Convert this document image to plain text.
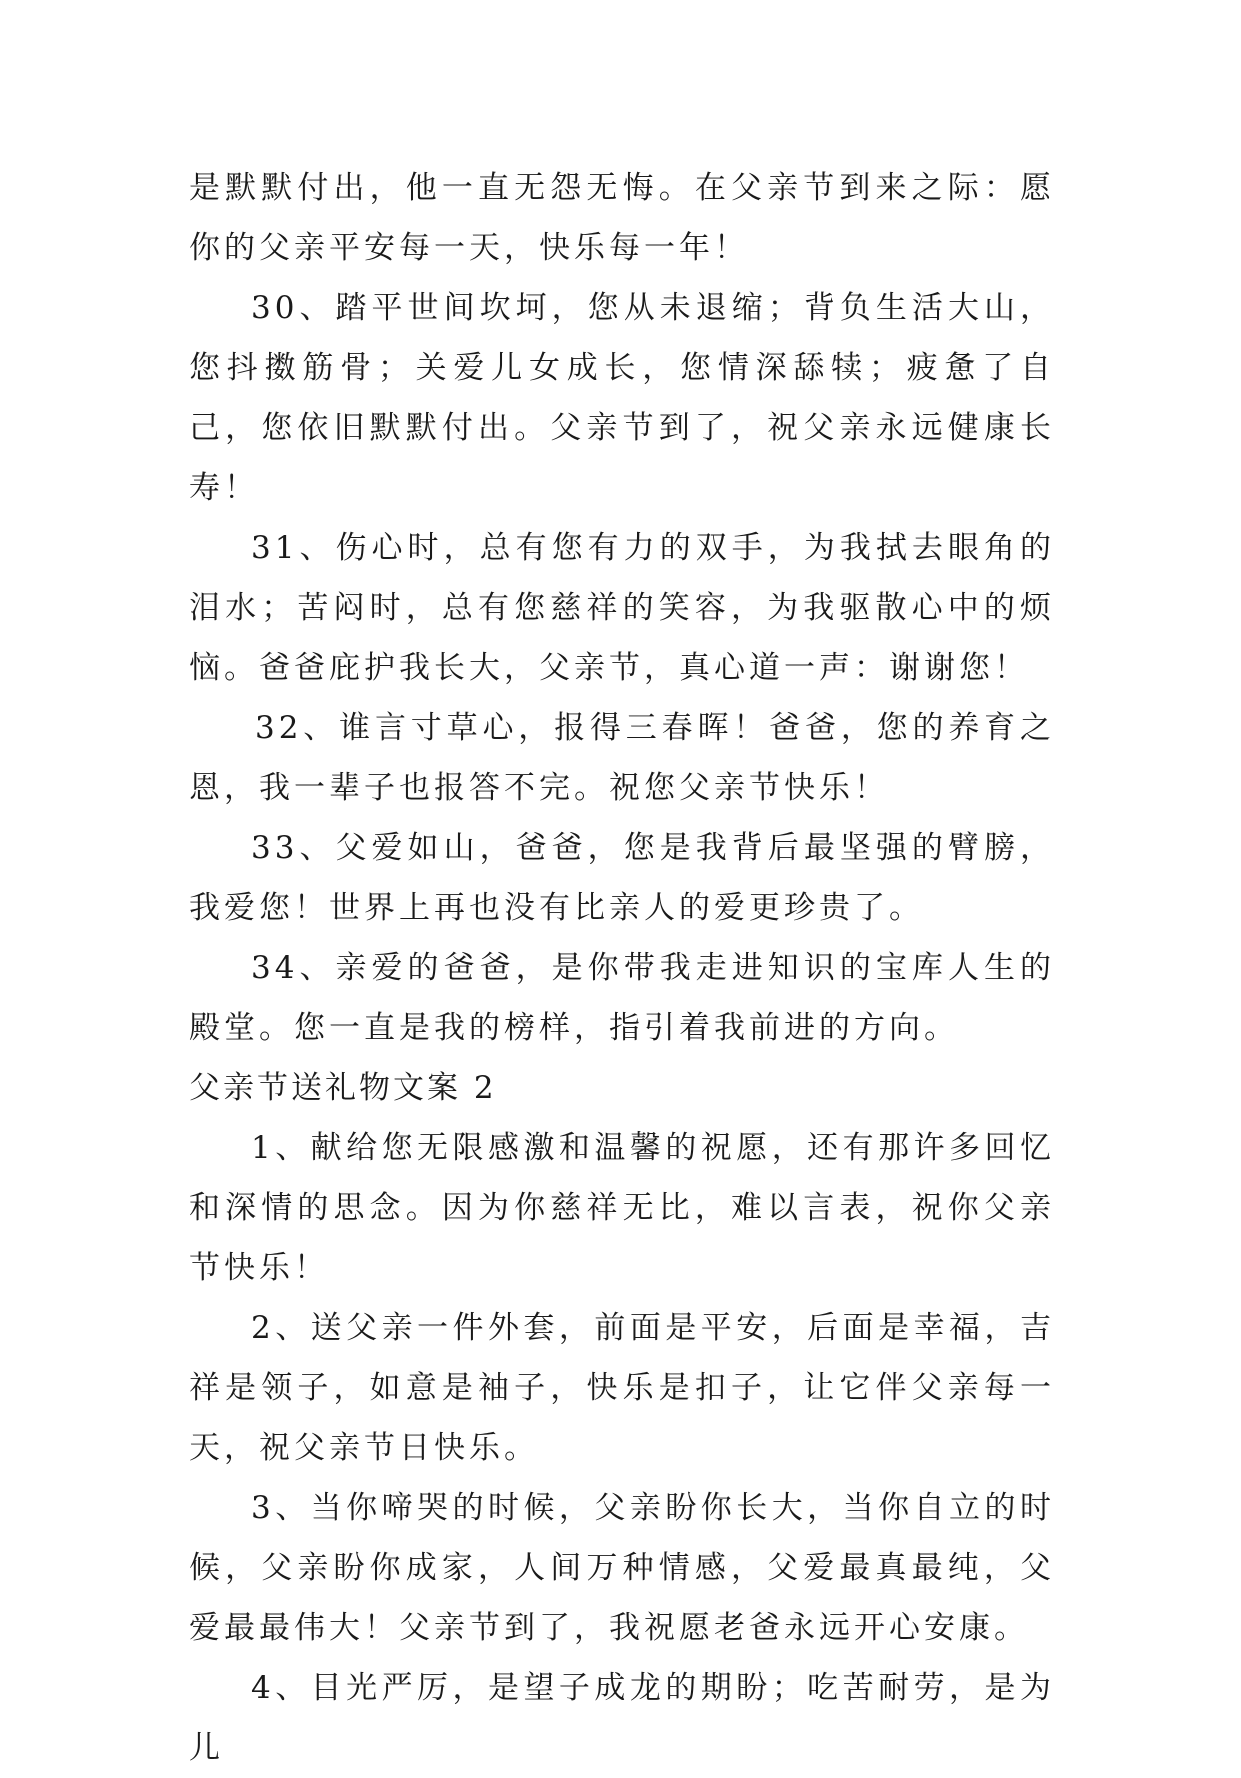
是默默付出，他一直无怨无悔。在父亲节到来之际：愿你的父亲平安每一天，快乐每一年！

30、踏平世间坎坷，您从未退缩；背负生活大山，您抖擞筋骨；关爱儿女成长，您情深舔犊；疲惫了自己，您依旧默默付出。父亲节到了，祝父亲永远健康长寿！

31、伤心时，总有您有力的双手，为我拭去眼角的泪水；苦闷时，总有您慈祥的笑容，为我驱散心中的烦恼。爸爸庇护我长大，父亲节，真心道一声：谢谢您！

32、谁言寸草心，报得三春晖！爸爸，您的养育之恩，我一辈子也报答不完。祝您父亲节快乐！

33、父爱如山，爸爸，您是我背后最坚强的臂膀，我爱您！世界上再也没有比亲人的爱更珍贵了。

34、亲爱的爸爸，是你带我走进知识的宝库人生的殿堂。您一直是我的榜样，指引着我前进的方向。

父亲节送礼物文案 2

1、献给您无限感激和温馨的祝愿，还有那许多回忆和深情的思念。因为你慈祥无比，难以言表，祝你父亲节快乐！

2、送父亲一件外套，前面是平安，后面是幸福，吉祥是领子，如意是袖子，快乐是扣子，让它伴父亲每一天，祝父亲节日快乐。

3、当你啼哭的时候，父亲盼你长大，当你自立的时候，父亲盼你成家，人间万种情感，父爱最真最纯，父爱最最伟大！父亲节到了，我祝愿老爸永远开心安康。

4、目光严厉，是望子成龙的期盼；吃苦耐劳，是为儿
